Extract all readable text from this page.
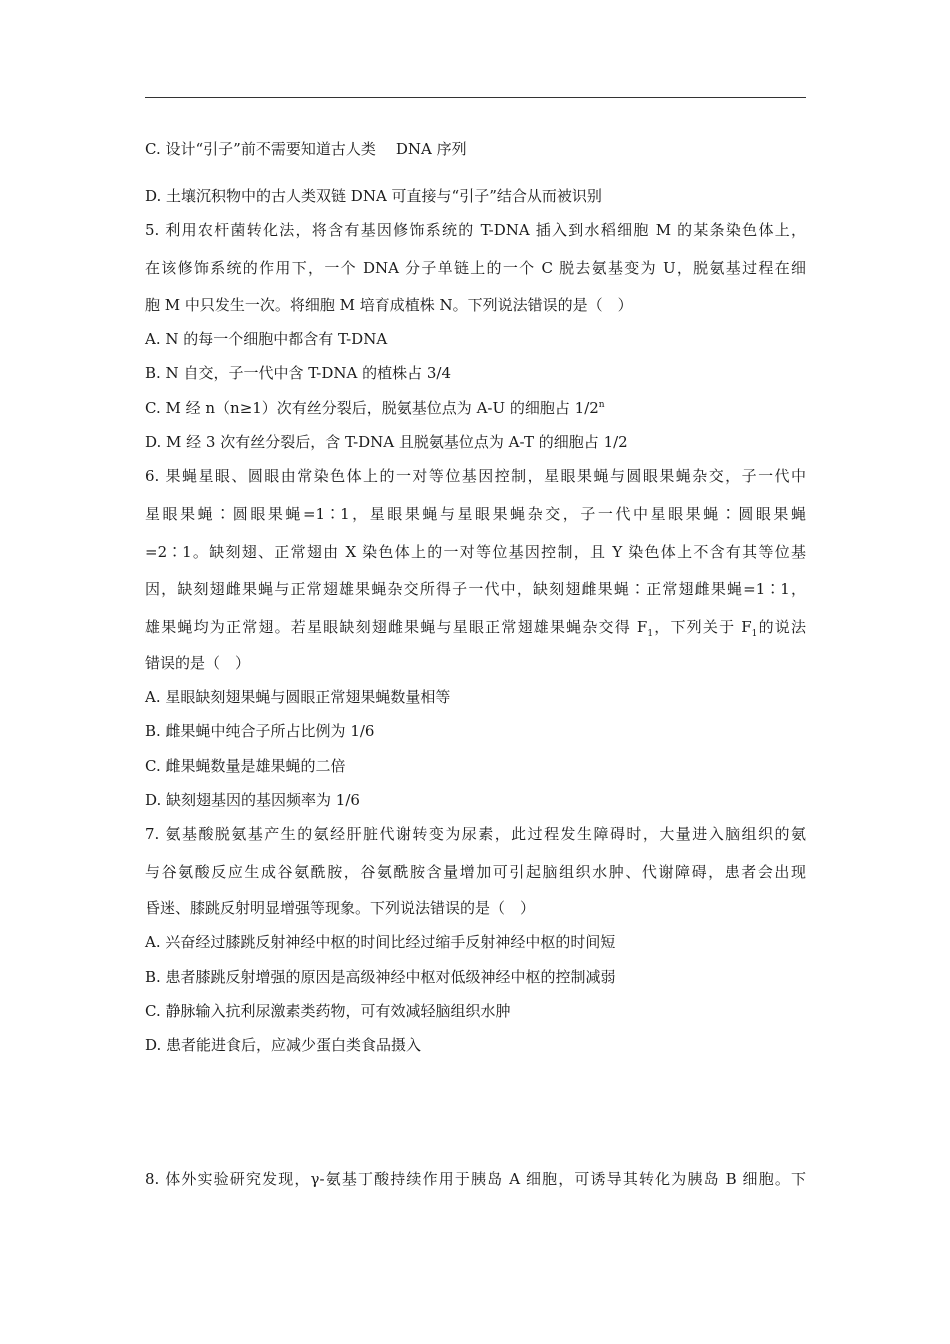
C. 设计“引子”前不需要知道古人类 DNA 序列
D. 土壤沉积物中的古人类双链 DNA 可直接与“引子”结合从而被识别
5. 利用农杆菌转化法，将含有基因修饰系统的 T-DNA 插入到水稻细胞 M 的某条染色体上，
在该修饰系统的作用下，一个 DNA 分子单链上的一个 C 脱去氨基变为 U，脱氨基过程在细
胞 M 中只发生一次。将细胞 M 培育成植株 N。下列说法错误的是（　）
A. N 的每一个细胞中都含有 T-DNA
B. N 自交，子一代中含 T-DNA 的植株占 3/4
C. M 经 n（n≥1）次有丝分裂后，脱氨基位点为 A-U 的细胞占 1/2$^n$
D. M 经 3 次有丝分裂后，含 T-DNA 且脱氨基位点为 A-T 的细胞占 1/2
6. 果蝇星眼、圆眼由常染色体上的一对等位基因控制，星眼果蝇与圆眼果蝇杂交，子一代中
星眼果蝇∶圆眼果蝇=1∶1，星眼果蝇与星眼果蝇杂交，子一代中星眼果蝇∶圆眼果蝇
=2∶1。缺刻翅、正常翅由 X 染色体上的一对等位基因控制，且 Y 染色体上不含有其等位基
因，缺刻翅雌果蝇与正常翅雄果蝇杂交所得子一代中，缺刻翅雌果蝇∶正常翅雌果蝇=1∶1，
雄果蝇均为正常翅。若星眼缺刻翅雌果蝇与星眼正常翅雄果蝇杂交得 $F_1$，下列关于 $F_1$的说法
错误的是（　）
A. 星眼缺刻翅果蝇与圆眼正常翅果蝇数量相等
B. 雌果蝇中纯合子所占比例为 1/6
C. 雌果蝇数量是雄果蝇的二倍
D. 缺刻翅基因的基因频率为 1/6
7. 氨基酸脱氨基产生的氨经肝脏代谢转变为尿素，此过程发生障碍时，大量进入脑组织的氨
与谷氨酸反应生成谷氨酰胺，谷氨酰胺含量增加可引起脑组织水肿、代谢障碍，患者会出现
昏迷、膝跳反射明显增强等现象。下列说法错误的是（　）
A. 兴奋经过膝跳反射神经中枢的时间比经过缩手反射神经中枢的时间短
B. 患者膝跳反射增强的原因是高级神经中枢对低级神经中枢的控制减弱
C. 静脉输入抗利尿激素类药物，可有效减轻脑组织水肿
D. 患者能进食后，应减少蛋白类食品摄入
8. 体外实验研究发现，γ-氨基丁酸持续作用于胰岛 A 细胞，可诱导其转化为胰岛 B 细胞。下
